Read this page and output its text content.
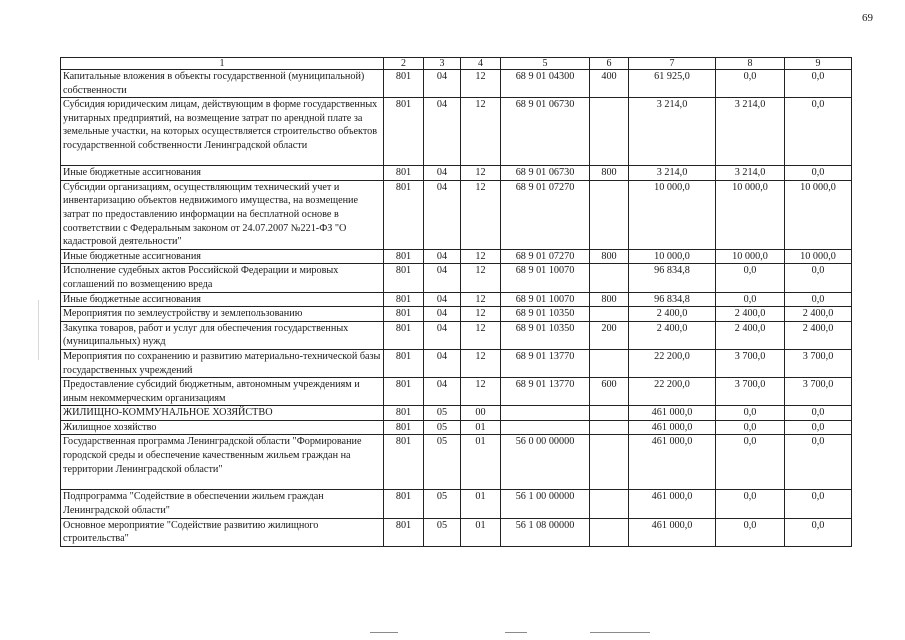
69
1	2	3	4	5	6	7	8	9
Капитальные вложения в объекты государственной (муниципальной) собственности	801	04	12	68 9 01 04300	400	61 925,0	0,0	0,0
Субсидия юридическим лицам, действующим в форме государственных унитарных предприятий, на возмещение затрат по арендной плате за земельные участки, на которых осуществляется строительство объектов государственной собственности Ленинградской области	801	04	12	68 9 01 06730		3 214,0	3 214,0	0,0
Иные бюджетные ассигнования	801	04	12	68 9 01 06730	800	3 214,0	3 214,0	0,0
Субсидии организациям, осуществляющим технический учет и инвентаризацию объектов недвижимого имущества, на возмещение затрат по предоставлению информации на бесплатной основе в соответствии с Федеральным законом от 24.07.2007 №221-ФЗ "О кадастровой деятельности"	801	04	12	68 9 01 07270		10 000,0	10 000,0	10 000,0
Иные бюджетные ассигнования	801	04	12	68 9 01 07270	800	10 000,0	10 000,0	10 000,0
Исполнение судебных актов Российской Федерации и мировых соглашений по возмещению вреда	801	04	12	68 9 01 10070		96 834,8	0,0	0,0
Иные бюджетные ассигнования	801	04	12	68 9 01 10070	800	96 834,8	0,0	0,0
Мероприятия по землеустройству и землепользованию	801	04	12	68 9 01 10350		2 400,0	2 400,0	2 400,0
Закупка товаров, работ и услуг для обеспечения государственных (муниципальных) нужд	801	04	12	68 9 01 10350	200	2 400,0	2 400,0	2 400,0
Мероприятия по сохранению и развитию материально-технической базы государственных учреждений	801	04	12	68 9 01 13770		22 200,0	3 700,0	3 700,0
Предоставление субсидий бюджетным, автономным учреждениям и иным некоммерческим организациям	801	04	12	68 9 01 13770	600	22 200,0	3 700,0	3 700,0
ЖИЛИЩНО-КОММУНАЛЬНОЕ ХОЗЯЙСТВО	801	05	00			461 000,0	0,0	0,0
Жилищное хозяйство	801	05	01			461 000,0	0,0	0,0
Государственная программа Ленинградской области "Формирование городской среды и обеспечение качественным жильем граждан на территории Ленинградской области"	801	05	01	56 0 00 00000		461 000,0	0,0	0,0
Подпрограмма "Содействие в обеспечении жильем граждан Ленинградской области"	801	05	01	56 1 00 00000		461 000,0	0,0	0,0
Основное мероприятие "Содействие развитию жилищного строительства"	801	05	01	56 1 08 00000		461 000,0	0,0	0,0
